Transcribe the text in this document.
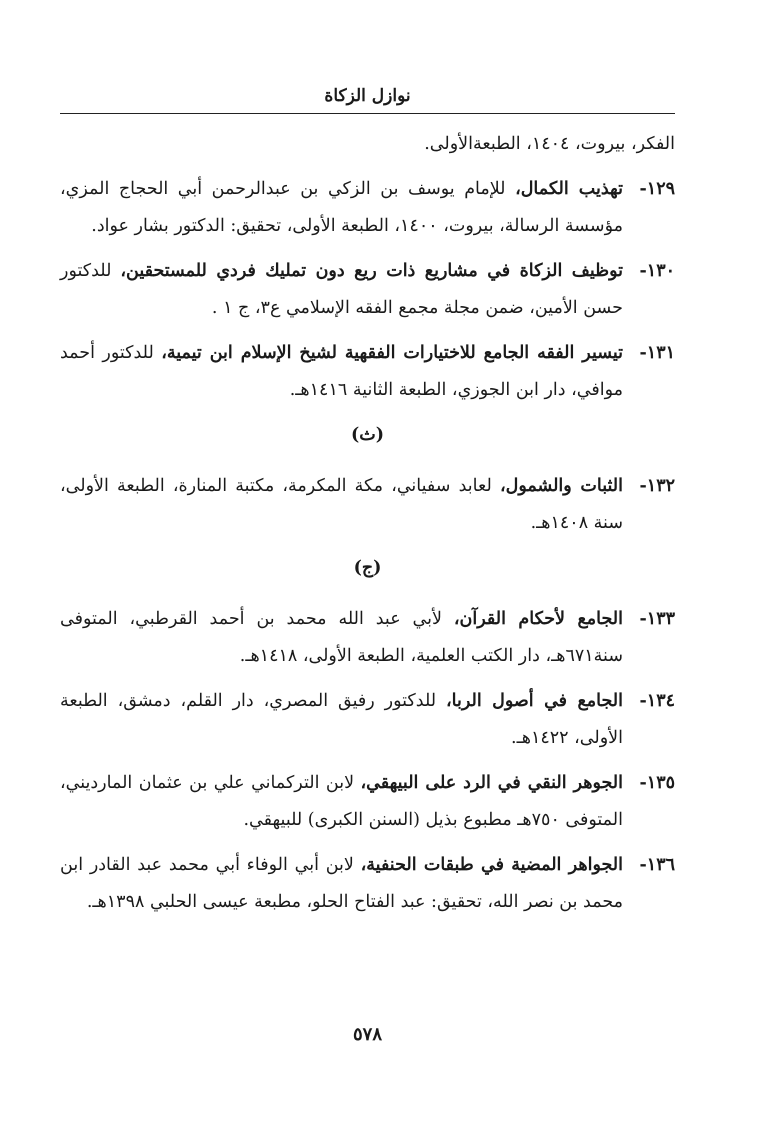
نوازل الزكاة

الفكر، بيروت، ١٤٠٤، الطبعةالأولى.

١٢٩-
تهذيب الكمال، للإمام يوسف بن الزكي بن عبدالرحمن أبي الحجاج المزي، مؤسسة الرسالة، بيروت، ١٤٠٠، الطبعة الأولى، تحقيق: الدكتور بشار عواد.
١٣٠-
توظيف الزكاة في مشاريع ذات ريع دون تمليك فردي للمستحقين، للدكتور حسن الأمين، ضمن مجلة مجمع الفقه الإسلامي ع٣، ج ١ .
١٣١-
تيسير الفقه الجامع للاختيارات الفقهية لشيخ الإسلام ابن تيمية، للدكتور أحمد موافي، دار ابن الجوزي، الطبعة الثانية ١٤١٦هـ.
(ث)
١٣٢-
الثبات والشمول، لعابد سفياني، مكة المكرمة، مكتبة المنارة، الطبعة الأولى، سنة ١٤٠٨هـ.
(ج)
١٣٣-
الجامع لأحكام القرآن، لأبي عبد الله محمد بن أحمد القرطبي، المتوفى سنة٦٧١هـ، دار الكتب العلمية، الطبعة الأولى، ١٤١٨هـ.
١٣٤-
الجامع في أصول الربا، للدكتور رفيق المصري، دار القلم، دمشق، الطبعة الأولى، ١٤٢٢هـ.
١٣٥-
الجوهر النقي في الرد على البيهقي، لابن التركماني علي بن عثمان المارديني، المتوفى ٧٥٠هـ مطبوع بذيل (السنن الكبرى) للبيهقي.
١٣٦-
الجواهر المضية في طبقات الحنفية، لابن أبي الوفاء أبي محمد عبد القادر ابن محمد بن نصر الله، تحقيق: عبد الفتاح الحلو، مطبعة عيسى الحلبي ١٣٩٨هـ.
٥٧٨
